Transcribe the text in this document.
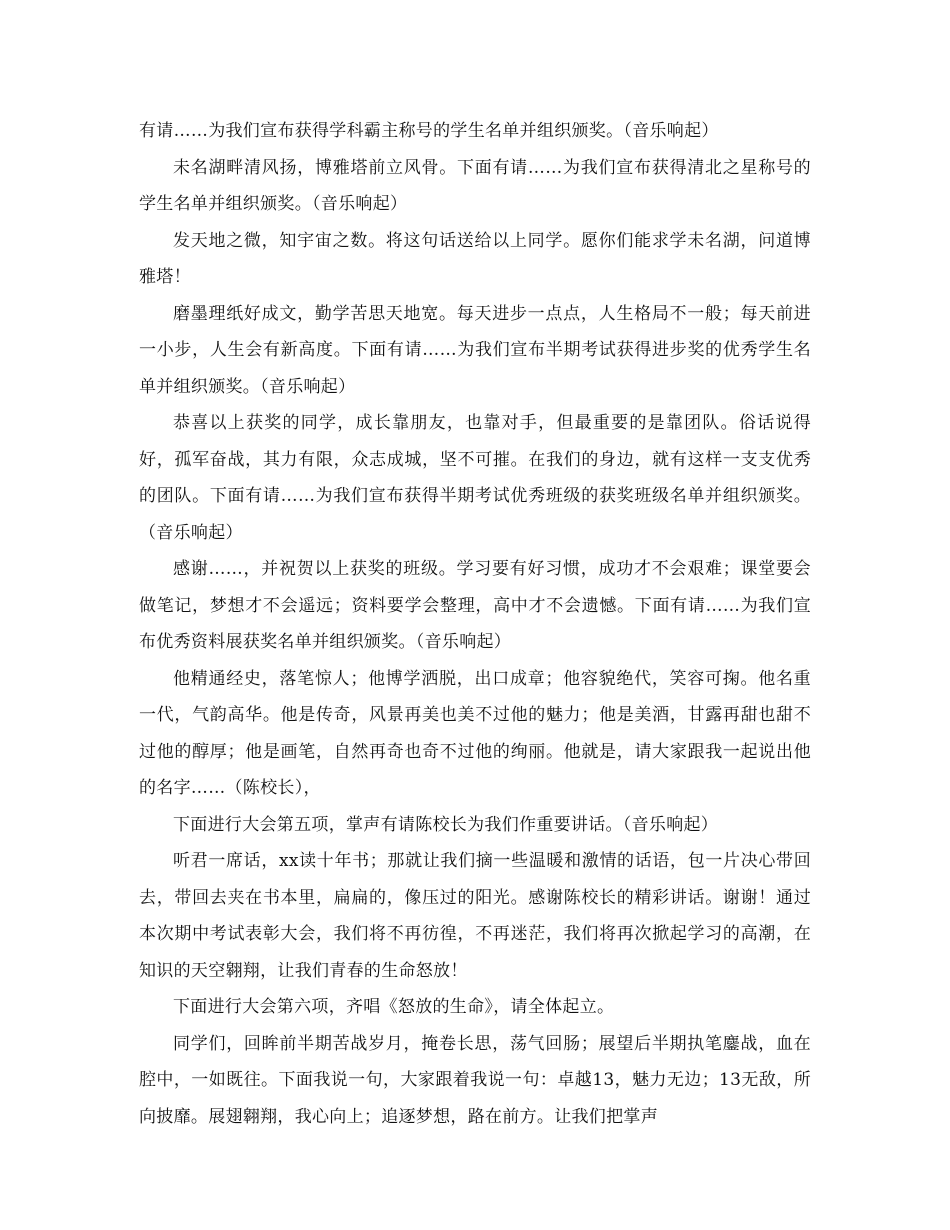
有请……为我们宣布获得学科霸主称号的学生名单并组织颁奖。（音乐响起）

未名湖畔清风扬，博雅塔前立风骨。下面有请……为我们宣布获得清北之星称号的学生名单并组织颁奖。（音乐响起）

发天地之微，知宇宙之数。将这句话送给以上同学。愿你们能求学未名湖，问道博雅塔！

磨墨理纸好成文，勤学苦思天地宽。每天进步一点点，人生格局不一般；每天前进一小步，人生会有新高度。下面有请……为我们宣布半期考试获得进步奖的优秀学生名单并组织颁奖。（音乐响起）

恭喜以上获奖的同学，成长靠朋友，也靠对手，但最重要的是靠团队。俗话说得好，孤军奋战，其力有限，众志成城，坚不可摧。在我们的身边，就有这样一支支优秀的团队。下面有请……为我们宣布获得半期考试优秀班级的获奖班级名单并组织颁奖。（音乐响起）

感谢……，并祝贺以上获奖的班级。学习要有好习惯，成功才不会艰难；课堂要会做笔记，梦想才不会遥远；资料要学会整理，高中才不会遗憾。下面有请……为我们宣布优秀资料展获奖名单并组织颁奖。（音乐响起）

他精通经史，落笔惊人；他博学洒脱，出口成章；他容貌绝代，笑容可掬。他名重一代，气韵高华。他是传奇，风景再美也美不过他的魅力；他是美酒，甘露再甜也甜不过他的醇厚；他是画笔，自然再奇也奇不过他的绚丽。他就是，请大家跟我一起说出他的名字……（陈校长），

下面进行大会第五项，掌声有请陈校长为我们作重要讲话。（音乐响起）

听君一席话，xx读十年书；那就让我们摘一些温暖和激情的话语，包一片决心带回去，带回去夹在书本里，扁扁的，像压过的阳光。感谢陈校长的精彩讲话。谢谢！通过本次期中考试表彰大会，我们将不再彷徨，不再迷茫，我们将再次掀起学习的高潮，在知识的天空翱翔，让我们青春的生命怒放！

下面进行大会第六项，齐唱《怒放的生命》，请全体起立。

同学们，回眸前半期苦战岁月，掩卷长思，荡气回肠；展望后半期执笔鏖战，血在腔中，一如既往。下面我说一句，大家跟着我说一句：卓越13，魅力无边；13无敌，所向披靡。展翅翱翔，我心向上；追逐梦想，路在前方。让我们把掌声
